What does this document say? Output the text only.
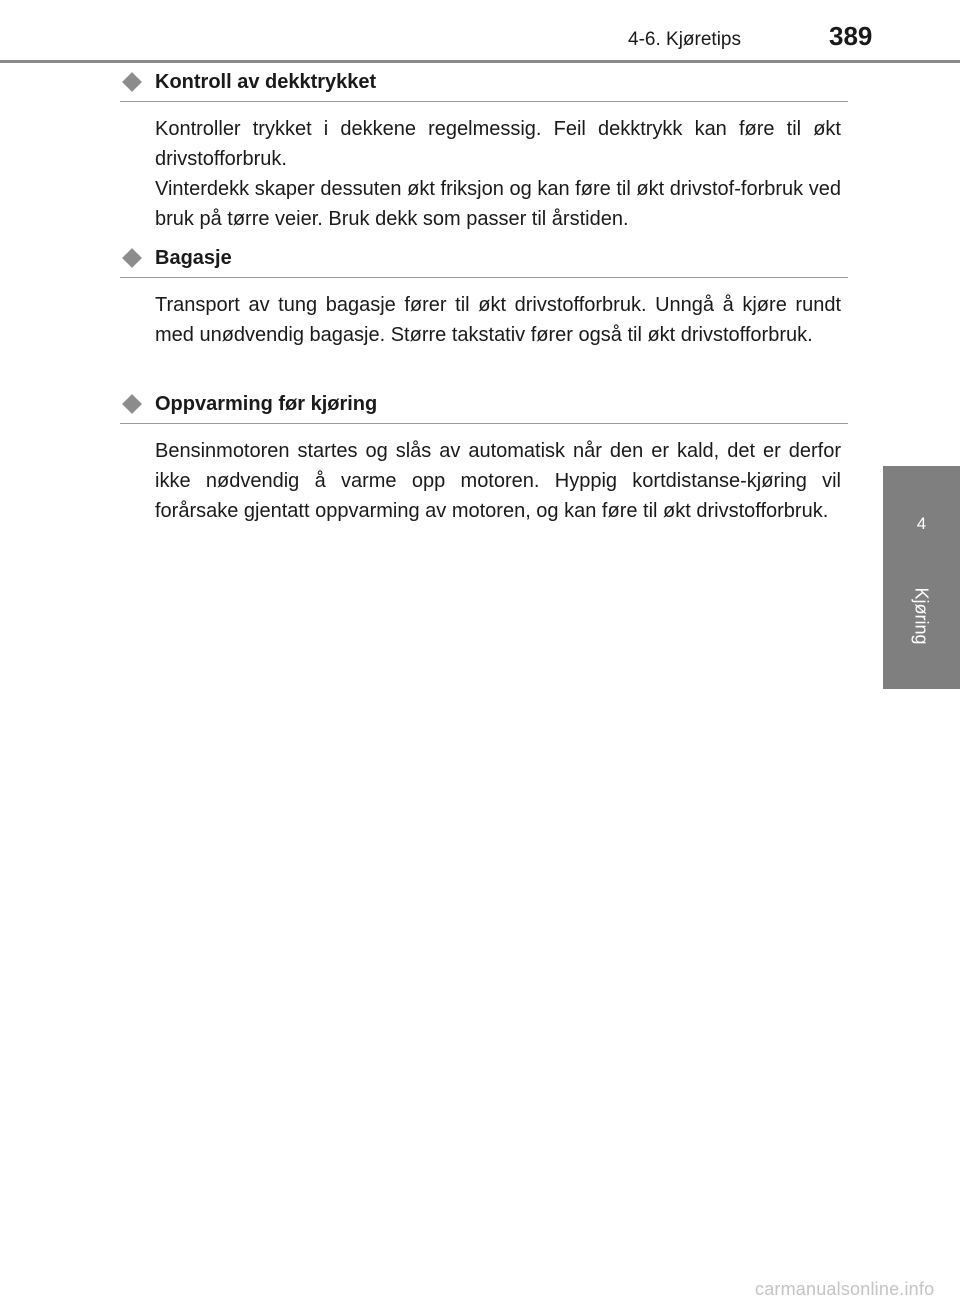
4-6. Kjøretips	389
4
Kjøring
Kontroll av dekktrykket

Kontroller trykket i dekkene regelmessig. Feil dekktrykk kan føre til økt drivstofforbruk.

Vinterdekk skaper dessuten økt friksjon og kan føre til økt drivstof-forbruk ved bruk på tørre veier. Bruk dekk som passer til årstiden.

Bagasje

Transport av tung bagasje fører til økt drivstofforbruk. Unngå å kjøre rundt med unødvendig bagasje. Større takstativ fører også til økt drivstofforbruk.

Oppvarming før kjøring

Bensinmotoren startes og slås av automatisk når den er kald, det er derfor ikke nødvendig å varme opp motoren. Hyppig kortdistanse-kjøring vil forårsake gjentatt oppvarming av motoren, og kan føre til økt drivstofforbruk.

carmanualsonline.info
